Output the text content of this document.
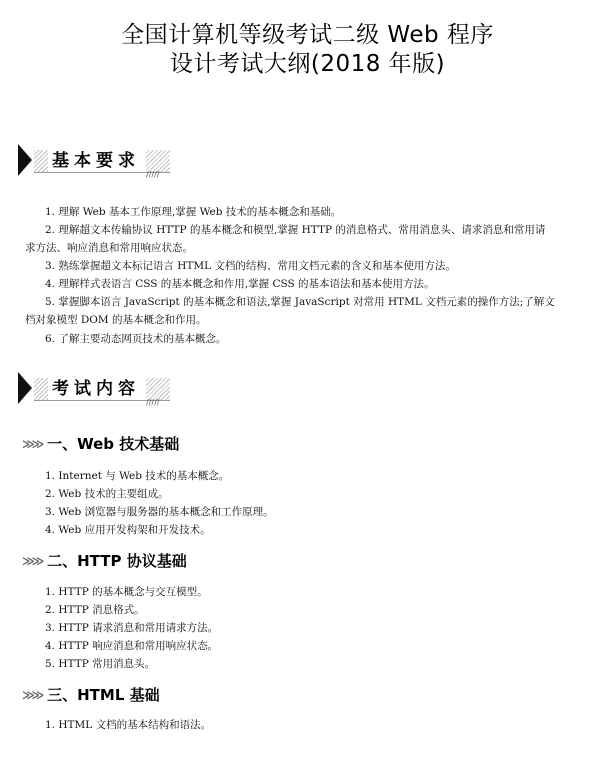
全国计算机等级考试二级 Web 程序
设计考试大纲(2018 年版)
基本要求
/////
1. 理解 Web 基本工作原理,掌握 Web 技术的基本概念和基础。
2. 理解超文本传输协议 HTTP 的基本概念和模型,掌握 HTTP 的消息格式、常用消息头、请求消息和常用请
求方法、响应消息和常用响应状态。
3. 熟练掌握超文本标记语言 HTML 文档的结构、常用文档元素的含义和基本使用方法。
4. 理解样式表语言 CSS 的基本概念和作用,掌握 CSS 的基本语法和基本使用方法。
5. 掌握脚本语言 JavaScript 的基本概念和语法,掌握 JavaScript 对常用 HTML 文档元素的操作方法;了解文
档对象模型 DOM 的基本概念和作用。
6. 了解主要动态网页技术的基本概念。
考试内容
/////
≫≫ 一、Web 技术基础
1. Internet 与 Web 技术的基本概念。
2. Web 技术的主要组成。
3. Web 浏览器与服务器的基本概念和工作原理。
4. Web 应用开发构架和开发技术。
≫≫ 二、HTTP 协议基础
1. HTTP 的基本概念与交互模型。
2. HTTP 消息格式。
3. HTTP 请求消息和常用请求方法。
4. HTTP 响应消息和常用响应状态。
5. HTTP 常用消息头。
≫≫ 三、HTML 基础
1. HTML 文档的基本结构和语法。
